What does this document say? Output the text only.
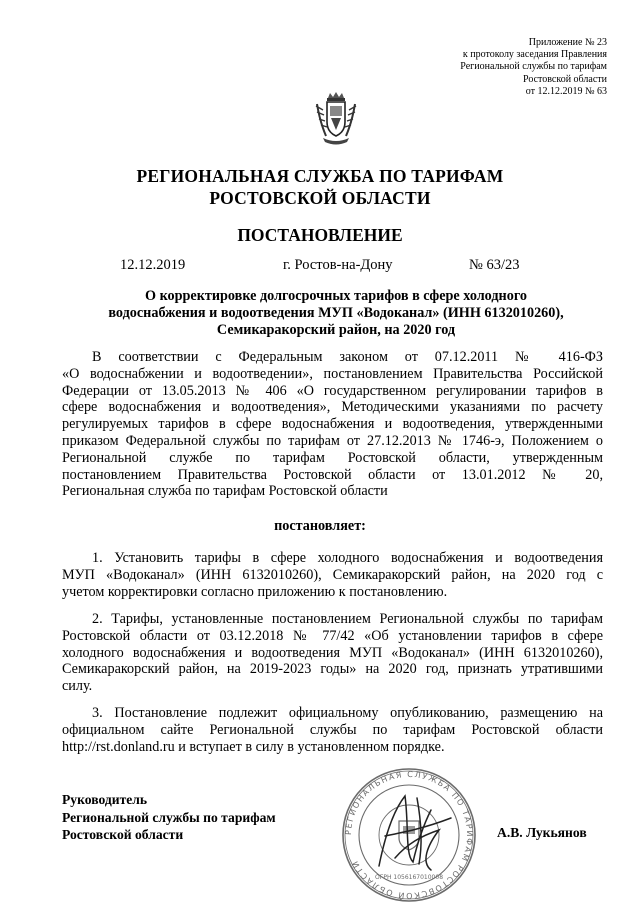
Приложение № 23
к протоколу заседания Правления
Региональной службы по тарифам
Ростовской области
от 12.12.2019 № 63
РЕГИОНАЛЬНАЯ СЛУЖБА ПО ТАРИФАМ
РОСТОВСКОЙ ОБЛАСТИ
ПОСТАНОВЛЕНИЕ
12.12.2019	г. Ростов-на-Дону	№ 63/23
О корректировке долгосрочных тарифов в сфере холодного
водоснабжения и водоотведения МУП «Водоканал» (ИНН 6132010260),
Семикаракорский район, на 2020 год
В соответствии с Федеральным законом от 07.12.2011 № 416-ФЗ
«О водоснабжении и водоотведении», постановлением Правительства Российской
Федерации от 13.05.2013 № 406 «О государственном регулировании тарифов в
сфере водоснабжения и водоотведения», Методическими указаниями по расчету
регулируемых тарифов в сфере водоснабжения и водоотведения, утвержденными
приказом Федеральной службы по тарифам от 27.12.2013 № 1746-э, Положением о
Региональной службе по тарифам Ростовской области, утвержденным
постановлением Правительства Ростовской области от 13.01.2012 № 20,
Региональная служба по тарифам Ростовской области
постановляет:
1. Установить тарифы в сфере холодного водоснабжения и водоотведения
МУП «Водоканал» (ИНН 6132010260), Семикаракорский район, на 2020 год с
учетом корректировки согласно приложению к постановлению.
2. Тарифы, установленные постановлением Региональной службы по тарифам
Ростовской области от 03.12.2018 № 77/42 «Об установлении тарифов в сфере
холодного водоснабжения и водоотведения МУП «Водоканал» (ИНН 6132010260),
Семикаракорский район, на 2019-2023 годы» на 2020 год, признать утратившими
силу.
3. Постановление подлежит официальному опубликованию, размещению на
официальном сайте Региональной службы по тарифам Ростовской области
http://rst.donland.ru и вступает в силу в установленном порядке.
РЕГИОНАЛЬНАЯ СЛУЖБА ПО ТАРИФАМ РОСТОВСКОЙ ОБЛАСТИ
ОГРН 1056167010008
Руководитель
Региональной службы по тарифам
Ростовской области	А.В. Лукьянов
